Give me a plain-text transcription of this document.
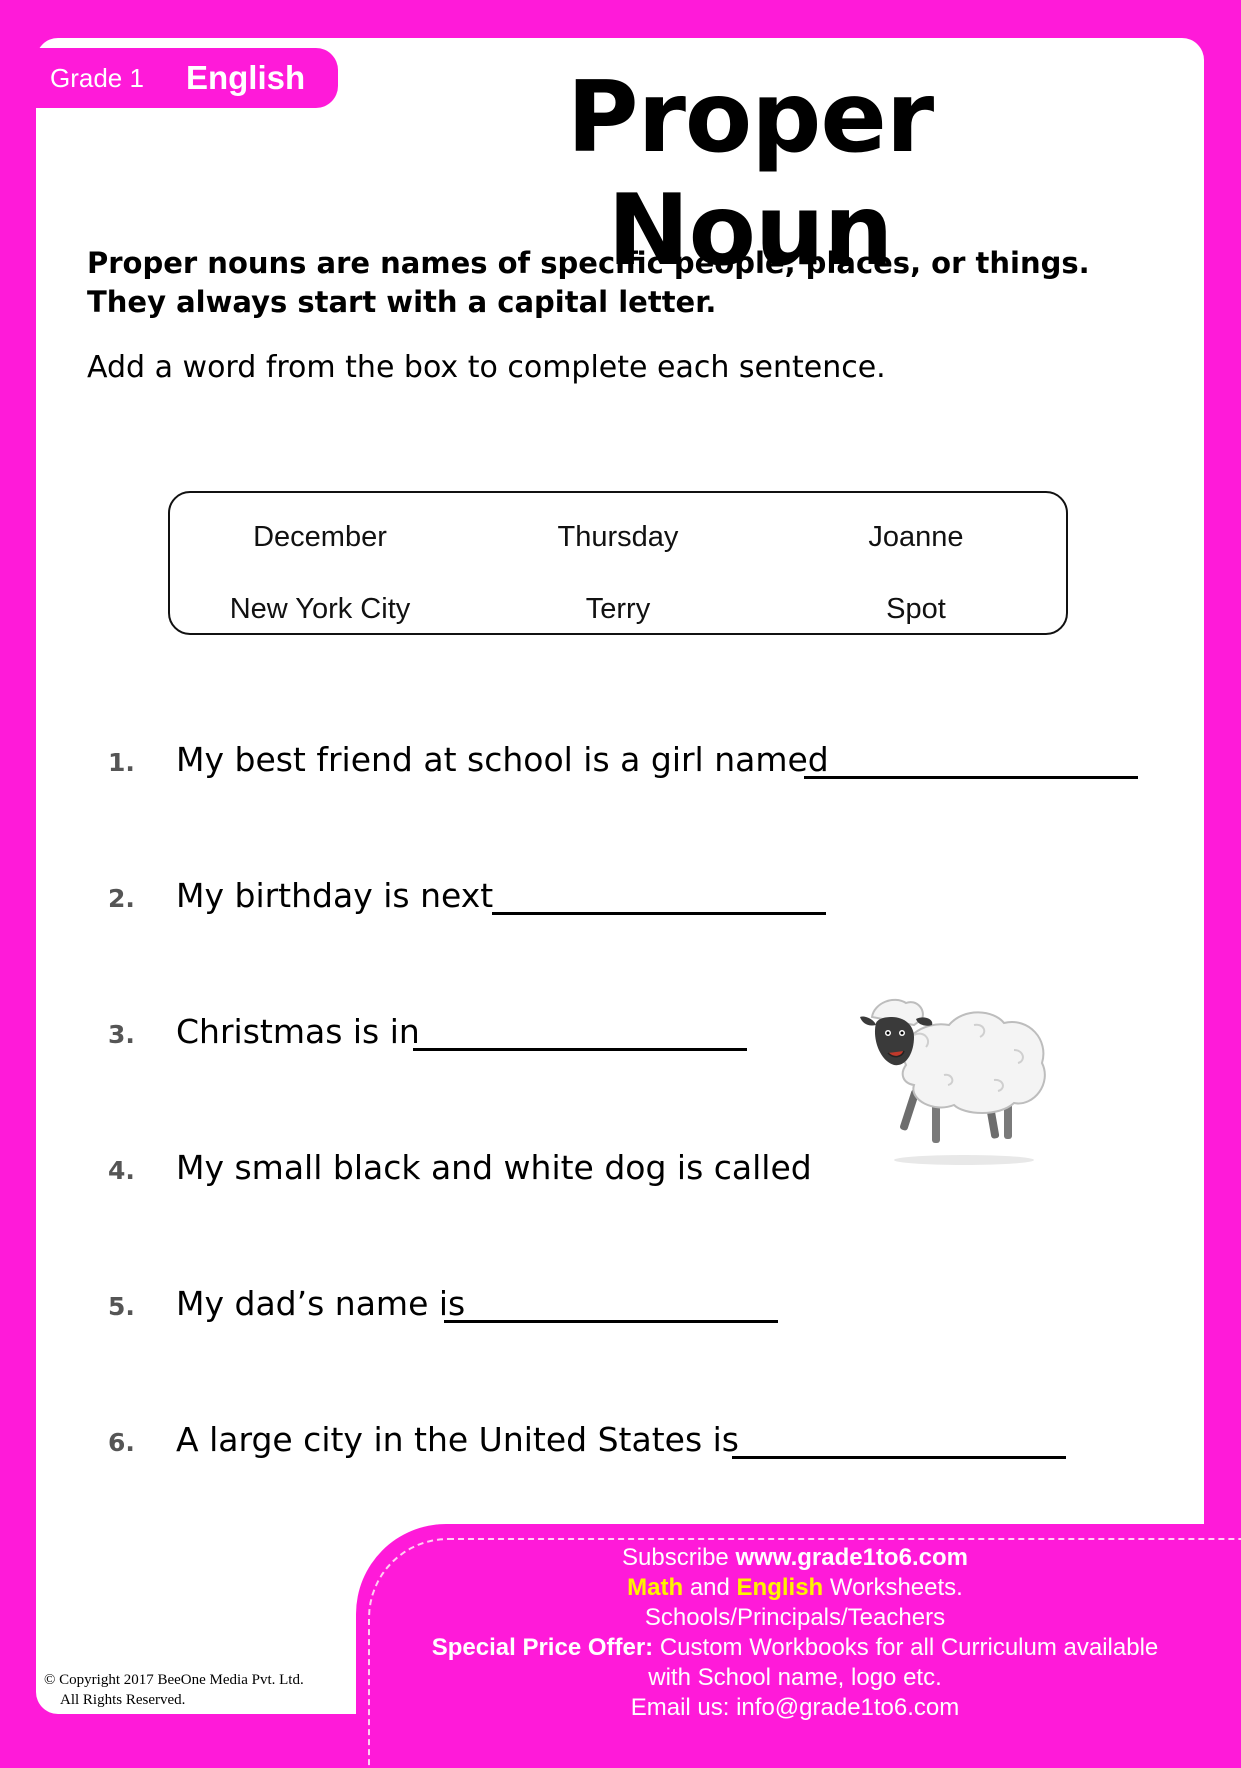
Grade 1 English	Proper Noun
Proper nouns are names of specific people, places, or things.
They always start with a capital letter.
Add a word from the box to complete each sentence.
December	Thursday	Joanne
New York City	Terry	Spot
1. My best friend at school is a girl named
2. My birthday is next
3. Christmas is in
4. My small black and white dog is called
5. My dad’s name is
6. A large city in the United States is
© Copyright 2017 BeeOne Media Pvt. Ltd.
All Rights Reserved.
Subscribe www.grade1to6.com
Math and English Worksheets.
Schools/Principals/Teachers
Special Price Offer: Custom Workbooks for all Curriculum available
with School name, logo etc.
Email us: info@grade1to6.com
